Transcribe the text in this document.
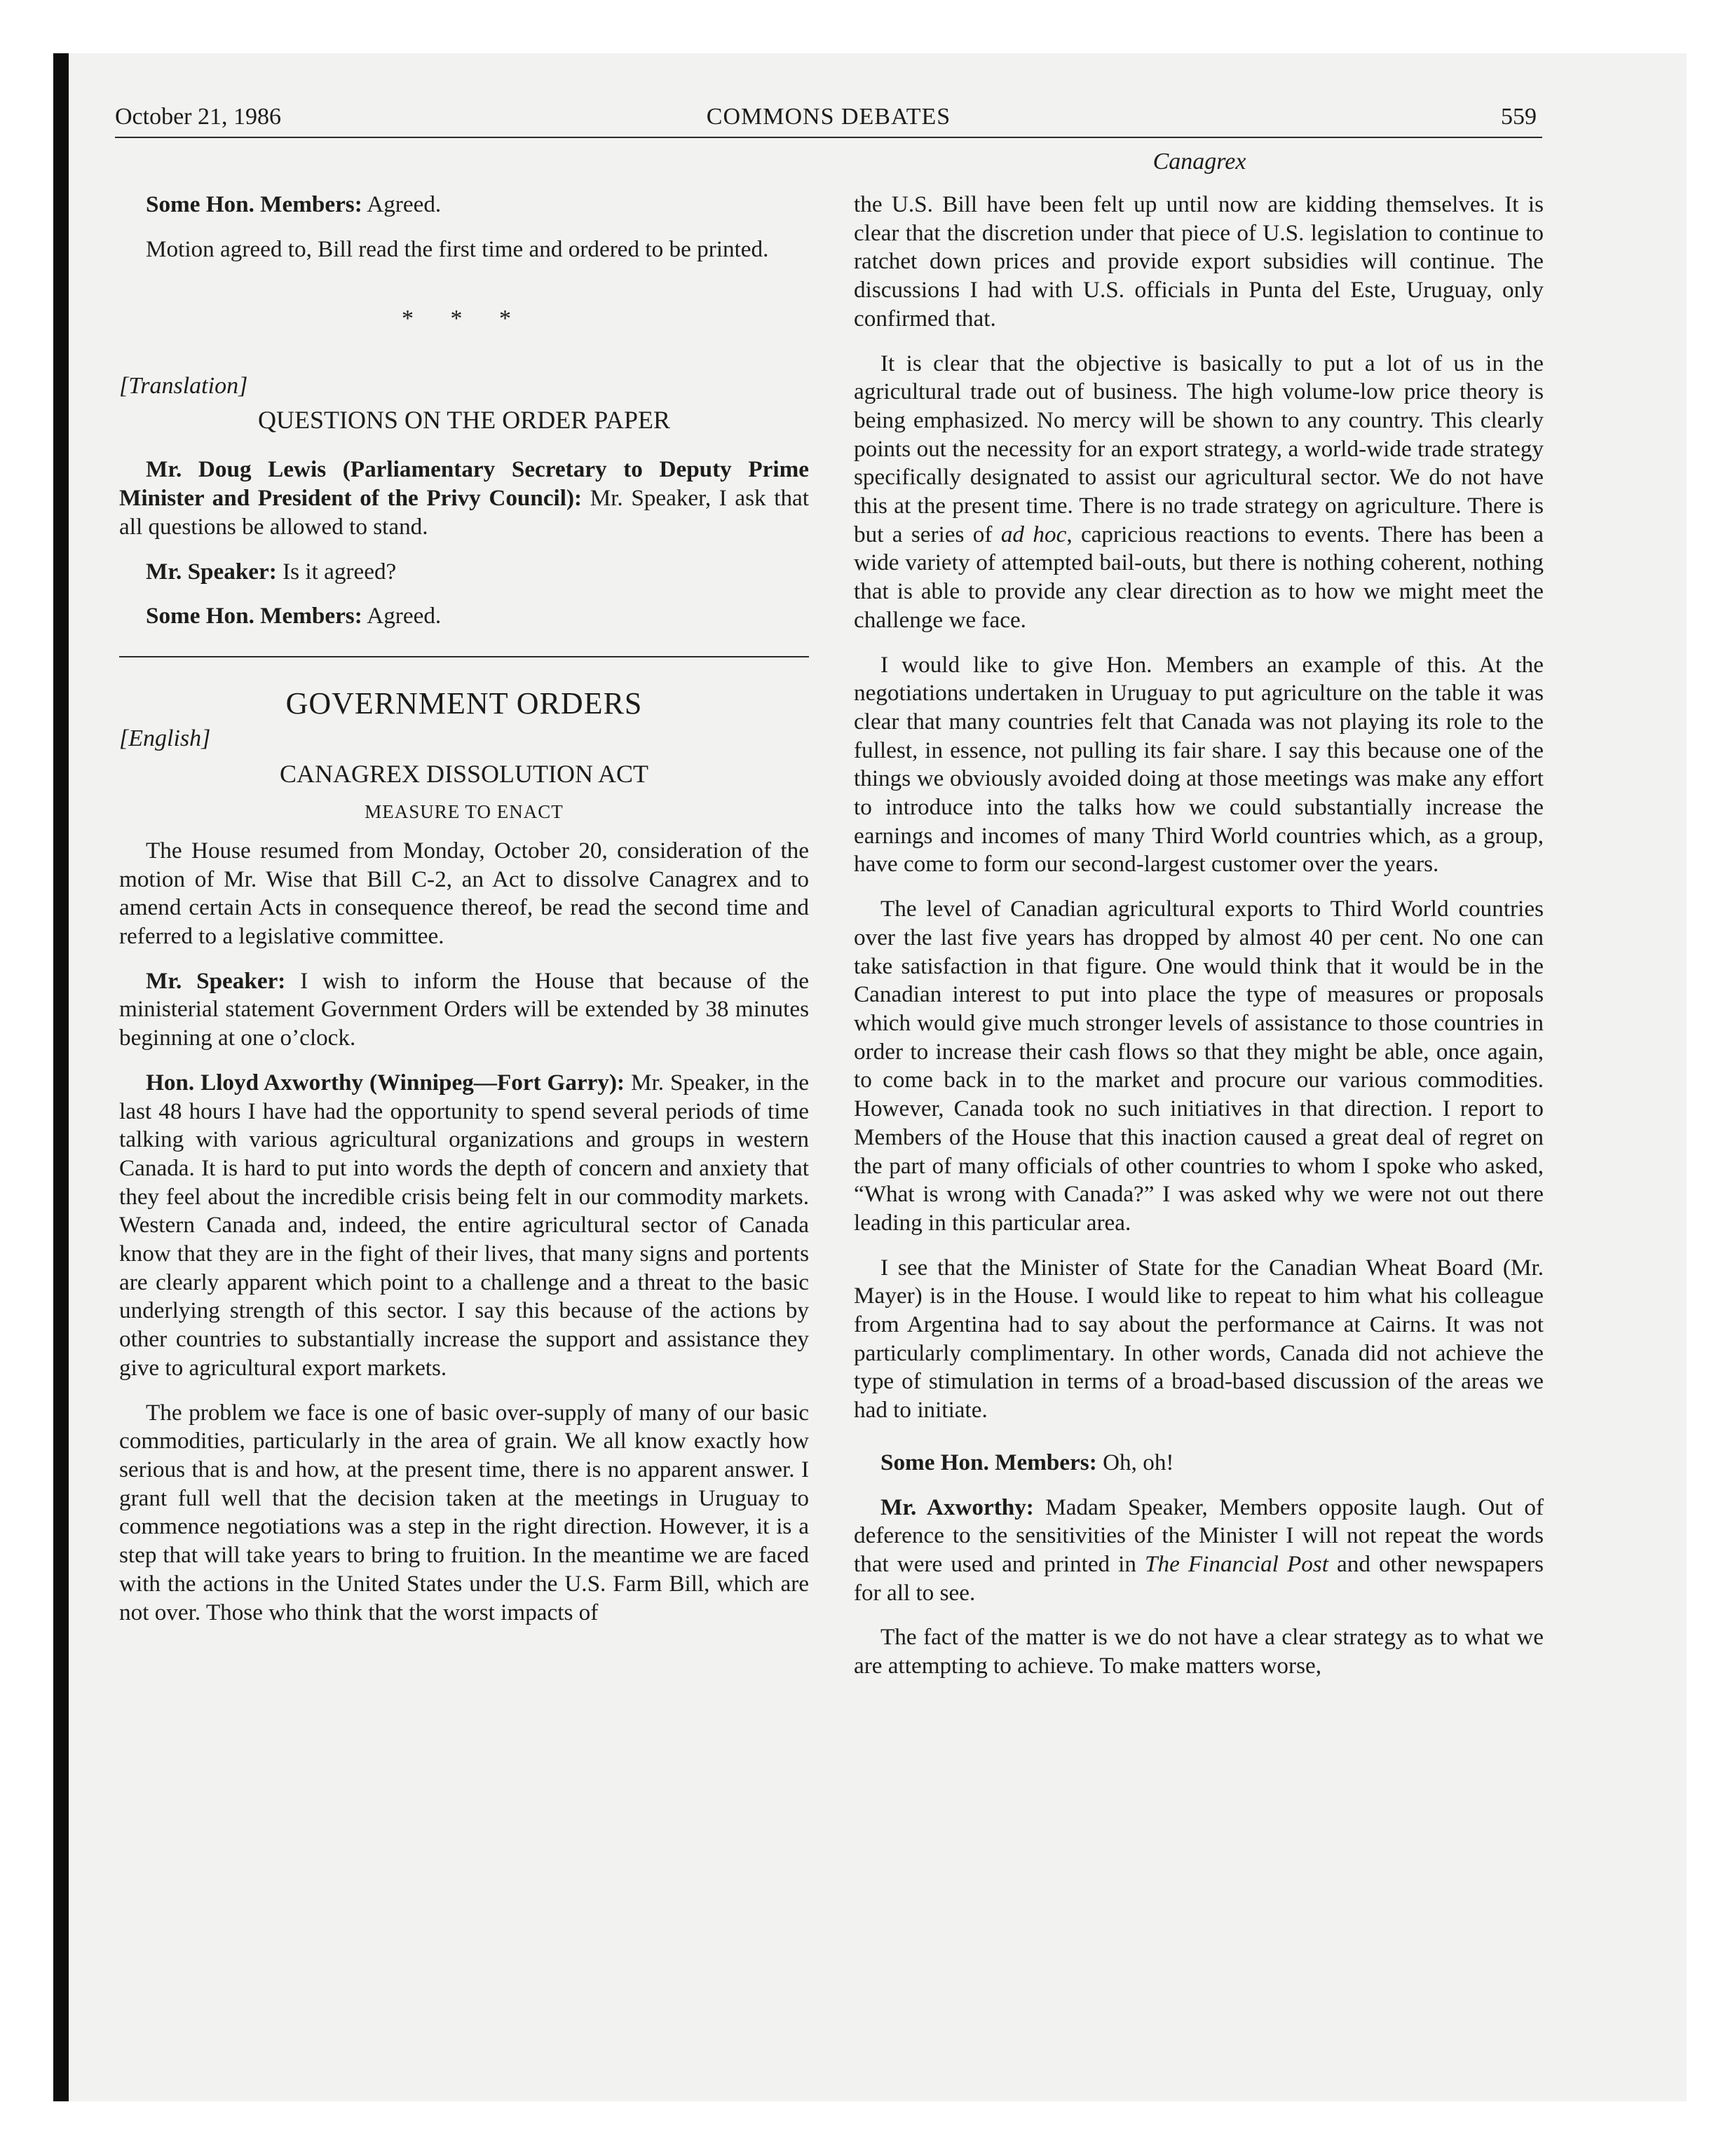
COMMONS DEBATES
October 21, 1986	559
Canagrex

Some Hon. Members: Agreed.

Motion agreed to, Bill read the first time and ordered to be printed.

* * *
[Translation]
QUESTIONS ON THE ORDER PAPER

Mr. Doug Lewis (Parliamentary Secretary to Deputy Prime Minister and President of the Privy Council): Mr. Speaker, I ask that all questions be allowed to stand.

Mr. Speaker: Is it agreed?

Some Hon. Members: Agreed.

GOVERNMENT ORDERS
[English]
CANAGREX DISSOLUTION ACT
MEASURE TO ENACT

The House resumed from Monday, October 20, consideration of the motion of Mr. Wise that Bill C-2, an Act to dissolve Canagrex and to amend certain Acts in consequence thereof, be read the second time and referred to a legislative committee.

Mr. Speaker: I wish to inform the House that because of the ministerial statement Government Orders will be extended by 38 minutes beginning at one o’clock.

Hon. Lloyd Axworthy (Winnipeg—Fort Garry): Mr. Speaker, in the last 48 hours I have had the opportunity to spend several periods of time talking with various agricultural organizations and groups in western Canada. It is hard to put into words the depth of concern and anxiety that they feel about the incredible crisis being felt in our commodity markets. Western Canada and, indeed, the entire agricultural sector of Canada know that they are in the fight of their lives, that many signs and portents are clearly apparent which point to a challenge and a threat to the basic underlying strength of this sector. I say this because of the actions by other countries to substantially increase the support and assistance they give to agricultural export markets.

The problem we face is one of basic over-supply of many of our basic commodities, particularly in the area of grain. We all know exactly how serious that is and how, at the present time, there is no apparent answer. I grant full well that the decision taken at the meetings in Uruguay to commence negotiations was a step in the right direction. However, it is a step that will take years to bring to fruition. In the meantime we are faced with the actions in the United States under the U.S. Farm Bill, which are not over. Those who think that the worst impacts of

the U.S. Bill have been felt up until now are kidding themselves. It is clear that the discretion under that piece of U.S. legislation to continue to ratchet down prices and provide export subsidies will continue. The discussions I had with U.S. officials in Punta del Este, Uruguay, only confirmed that.

It is clear that the objective is basically to put a lot of us in the agricultural trade out of business. The high volume-low price theory is being emphasized. No mercy will be shown to any country. This clearly points out the necessity for an export strategy, a world-wide trade strategy specifically designated to assist our agricultural sector. We do not have this at the present time. There is no trade strategy on agriculture. There is but a series of ad hoc, capricious reactions to events. There has been a wide variety of attempted bail-outs, but there is nothing coherent, nothing that is able to provide any clear direction as to how we might meet the challenge we face.

I would like to give Hon. Members an example of this. At the negotiations undertaken in Uruguay to put agriculture on the table it was clear that many countries felt that Canada was not playing its role to the fullest, in essence, not pulling its fair share. I say this because one of the things we obviously avoided doing at those meetings was make any effort to introduce into the talks how we could substantially increase the earnings and incomes of many Third World countries which, as a group, have come to form our second-largest customer over the years.

The level of Canadian agricultural exports to Third World countries over the last five years has dropped by almost 40 per cent. No one can take satisfaction in that figure. One would think that it would be in the Canadian interest to put into place the type of measures or proposals which would give much stronger levels of assistance to those countries in order to increase their cash flows so that they might be able, once again, to come back in to the market and procure our various commodities. However, Canada took no such initiatives in that direction. I report to Members of the House that this inaction caused a great deal of regret on the part of many officials of other countries to whom I spoke who asked, “What is wrong with Canada?” I was asked why we were not out there leading in this particular area.

I see that the Minister of State for the Canadian Wheat Board (Mr. Mayer) is in the House. I would like to repeat to him what his colleague from Argentina had to say about the performance at Cairns. It was not particularly complimentary. In other words, Canada did not achieve the type of stimulation in terms of a broad-based discussion of the areas we had to initiate.

Some Hon. Members: Oh, oh!

Mr. Axworthy: Madam Speaker, Members opposite laugh. Out of deference to the sensitivities of the Minister I will not repeat the words that were used and printed in The Financial Post and other newspapers for all to see.

The fact of the matter is we do not have a clear strategy as to what we are attempting to achieve. To make matters worse,
